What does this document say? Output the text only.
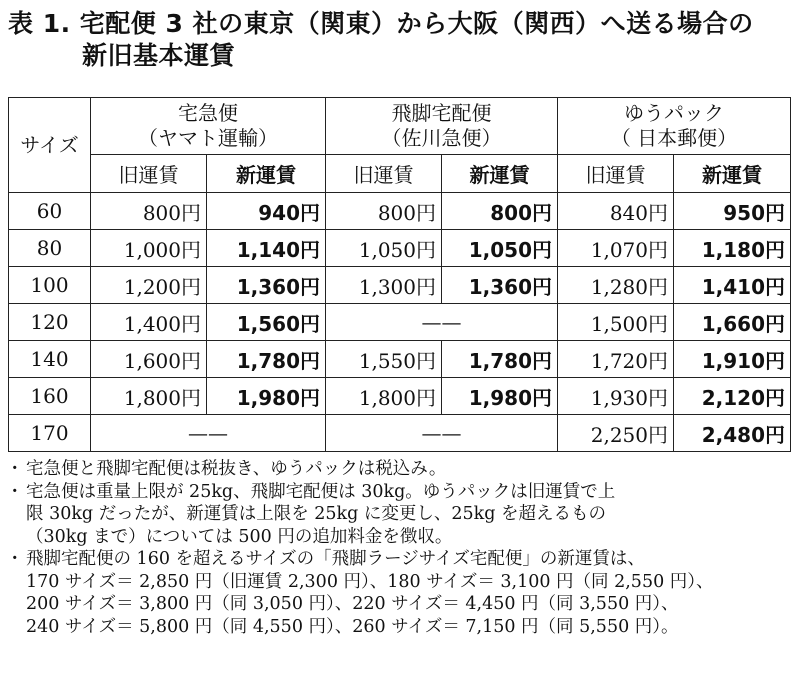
表 1. 宅配便 3 社の東京（関東）から大阪（関西）へ送る場合の
新旧基本運賃
サイズ	宅急便
（ヤマト運輸）		飛脚宅配便
（佐川急便）		ゆうパック
（ 日本郵便）	
	旧運賃	新運賃	旧運賃	新運賃	旧運賃	新運賃
60	800円	940円	800円	800円	840円	950円
80	1,000円	1,140円	1,050円	1,050円	1,070円	1,180円
100	1,200円	1,360円	1,300円	1,360円	1,280円	1,410円
120	1,400円	1,560円	——		1,500円	1,660円
140	1,600円	1,780円	1,550円	1,780円	1,720円	1,910円
160	1,800円	1,980円	1,800円	1,980円	1,930円	2,120円
170	——		——		2,250円	2,480円
・ 宅急便と飛脚宅配便は税抜き、ゆうパックは税込み。
・ 宅急便は重量上限が 25kg、飛脚宅配便は 30kg。ゆうパックは旧運賃で上
限 30kg だったが、新運賃は上限を 25kg に変更し、25kg を超えるもの
（30kg まで）については 500 円の追加料金を徴収。
・ 飛脚宅配便の 160 を超えるサイズの「飛脚ラージサイズ宅配便」の新運賃は、
170 サイズ＝ 2,850 円（旧運賃 2,300 円）、180 サイズ＝ 3,100 円（同 2,550 円）、
200 サイズ＝ 3,800 円（同 3,050 円）、220 サイズ＝ 4,450 円（同 3,550 円）、
240 サイズ＝ 5,800 円（同 4,550 円）、260 サイズ＝ 7,150 円（同 5,550 円）。
